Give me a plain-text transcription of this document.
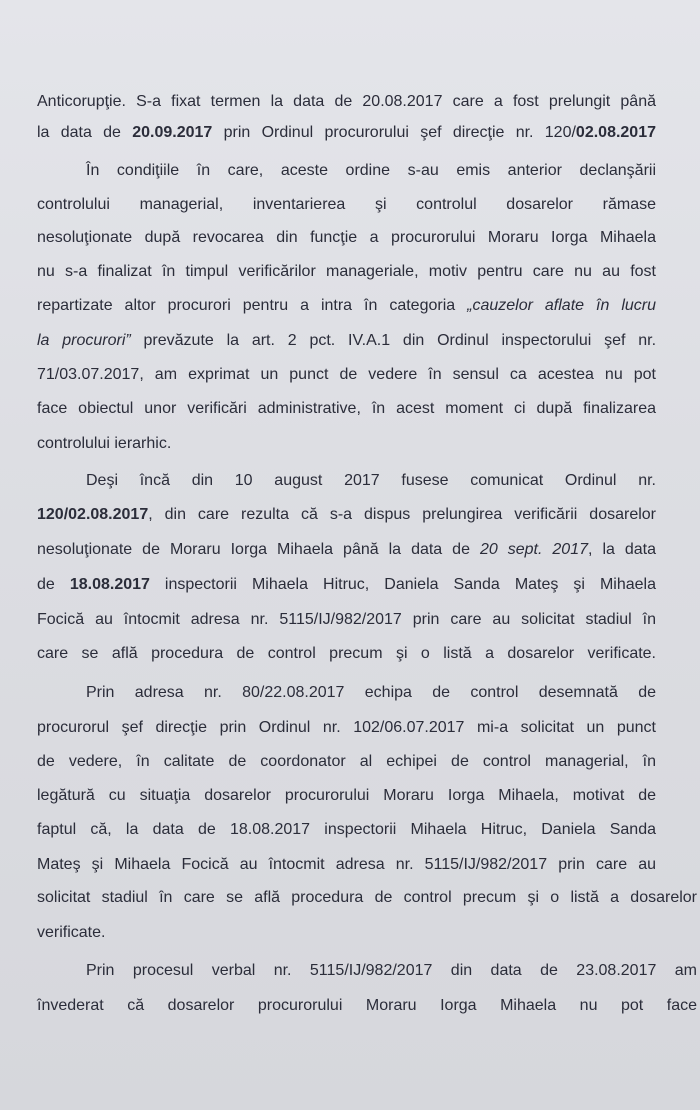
Anticorupţie. S-a fixat termen la data de 20.08.2017 care a fost prelungit până
la data de 20.09.2017 prin Ordinul procurorului şef direcţie nr. 120/02.08.2017
În condiţiile în care, aceste ordine s-au emis anterior declanşării
controlului managerial, inventarierea şi controlul dosarelor rămase
nesoluţionate după revocarea din funcţie a procurorului Moraru Iorga Mihaela
nu s-a finalizat în timpul verificărilor manageriale, motiv pentru care nu au fost
repartizate altor procurori pentru a intra în categoria „cauzelor aflate în lucru
la procurori” prevăzute la art. 2 pct. IV.A.1 din Ordinul inspectorului şef nr.
71/03.07.2017, am exprimat un punct de vedere în sensul ca acestea nu pot
face obiectul unor verificări administrative, în acest moment ci după finalizarea
controlului ierarhic.
Deşi încă din 10 august 2017 fusese comunicat Ordinul nr.
120/02.08.2017, din care rezulta că s-a dispus prelungirea verificării dosarelor
nesoluţionate de Moraru Iorga Mihaela până la data de 20 sept. 2017, la data
de 18.08.2017 inspectorii Mihaela Hitruc, Daniela Sanda Mateş şi Mihaela
Focică au întocmit adresa nr. 5115/IJ/982/2017 prin care au solicitat stadiul în
care se află procedura de control precum şi o listă a dosarelor verificate.
Prin adresa nr. 80/22.08.2017 echipa de control desemnată de
procurorul şef direcţie prin Ordinul nr. 102/06.07.2017 mi-a solicitat un punct
de vedere, în calitate de coordonator al echipei de control managerial, în
legătură cu situaţia dosarelor procurorului Moraru Iorga Mihaela, motivat de
faptul că, la data de 18.08.2017 inspectorii Mihaela Hitruc, Daniela Sanda
Mateş şi Mihaela Focică au întocmit adresa nr. 5115/IJ/982/2017 prin care au
solicitat stadiul în care se află procedura de control precum şi o listă a dosarelor
verificate.
Prin procesul verbal nr. 5115/IJ/982/2017 din data de 23.08.2017 am
învederat că dosarelor procurorului Moraru Iorga Mihaela nu pot face
